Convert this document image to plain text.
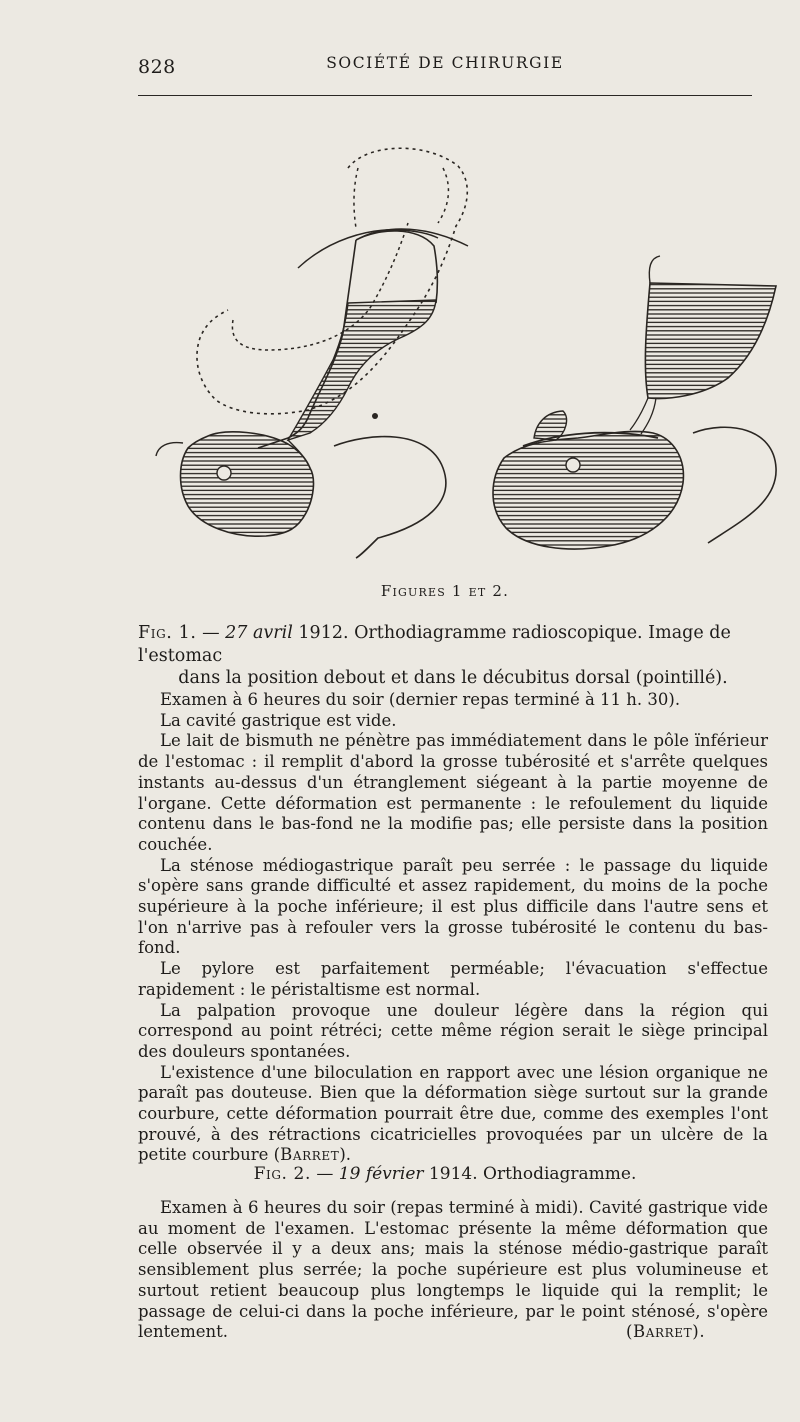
828	SOCIÉTÉ DE CHIRURGIE
Figures 1 et 2.

Fig. 1. — 27 avril 1912. Orthodiagramme radioscopique. Image de l'estomac

dans la position debout et dans le décubitus dorsal (pointillé).

Examen à 6 heures du soir (dernier repas terminé à 11 h. 30).

La cavité gastrique est vide.

Le lait de bismuth ne pénètre pas immédiatement dans le pôle ïnférieur de l'estomac : il remplit d'abord la grosse tubérosité et s'arrête quelques instants au-dessus d'un étranglement siégeant à la partie moyenne de l'organe. Cette déformation est permanente : le refoulement du liquide contenu dans le bas-fond ne la modifie pas; elle persiste dans la position couchée.

La sténose médiogastrique paraît peu serrée : le passage du liquide s'opère sans grande difficulté et assez rapidement, du moins de la poche supérieure à la poche inférieure; il est plus difficile dans l'autre sens et l'on n'arrive pas à refouler vers la grosse tubérosité le contenu du bas-fond.

Le pylore est parfaitement perméable; l'évacuation s'effectue rapidement : le péristaltisme est normal.

La palpation provoque une douleur légère dans la région qui correspond au point rétréci; cette même région serait le siège principal des douleurs spontanées.

L'existence d'une biloculation en rapport avec une lésion organique ne paraît pas douteuse. Bien que la déformation siège surtout sur la grande courbure, cette déformation pourrait être due, comme des exemples l'ont prouvé, à des rétractions cicatricielles provoquées par un ulcère de la petite courbure (Barret).

Fig. 2. — 19 février 1914. Orthodiagramme.

Examen à 6 heures du soir (repas terminé à midi). Cavité gastrique vide au moment de l'examen. L'estomac présente la même déformation que celle observée il y a deux ans; mais la sténose médio-gastrique paraît sensiblement plus serrée; la poche supérieure est plus volumineuse et surtout retient beaucoup plus longtemps le liquide qui la remplit; le passage de celui-ci dans la poche inférieure, par le point sténosé, s'opère lentement.	(Barret).
